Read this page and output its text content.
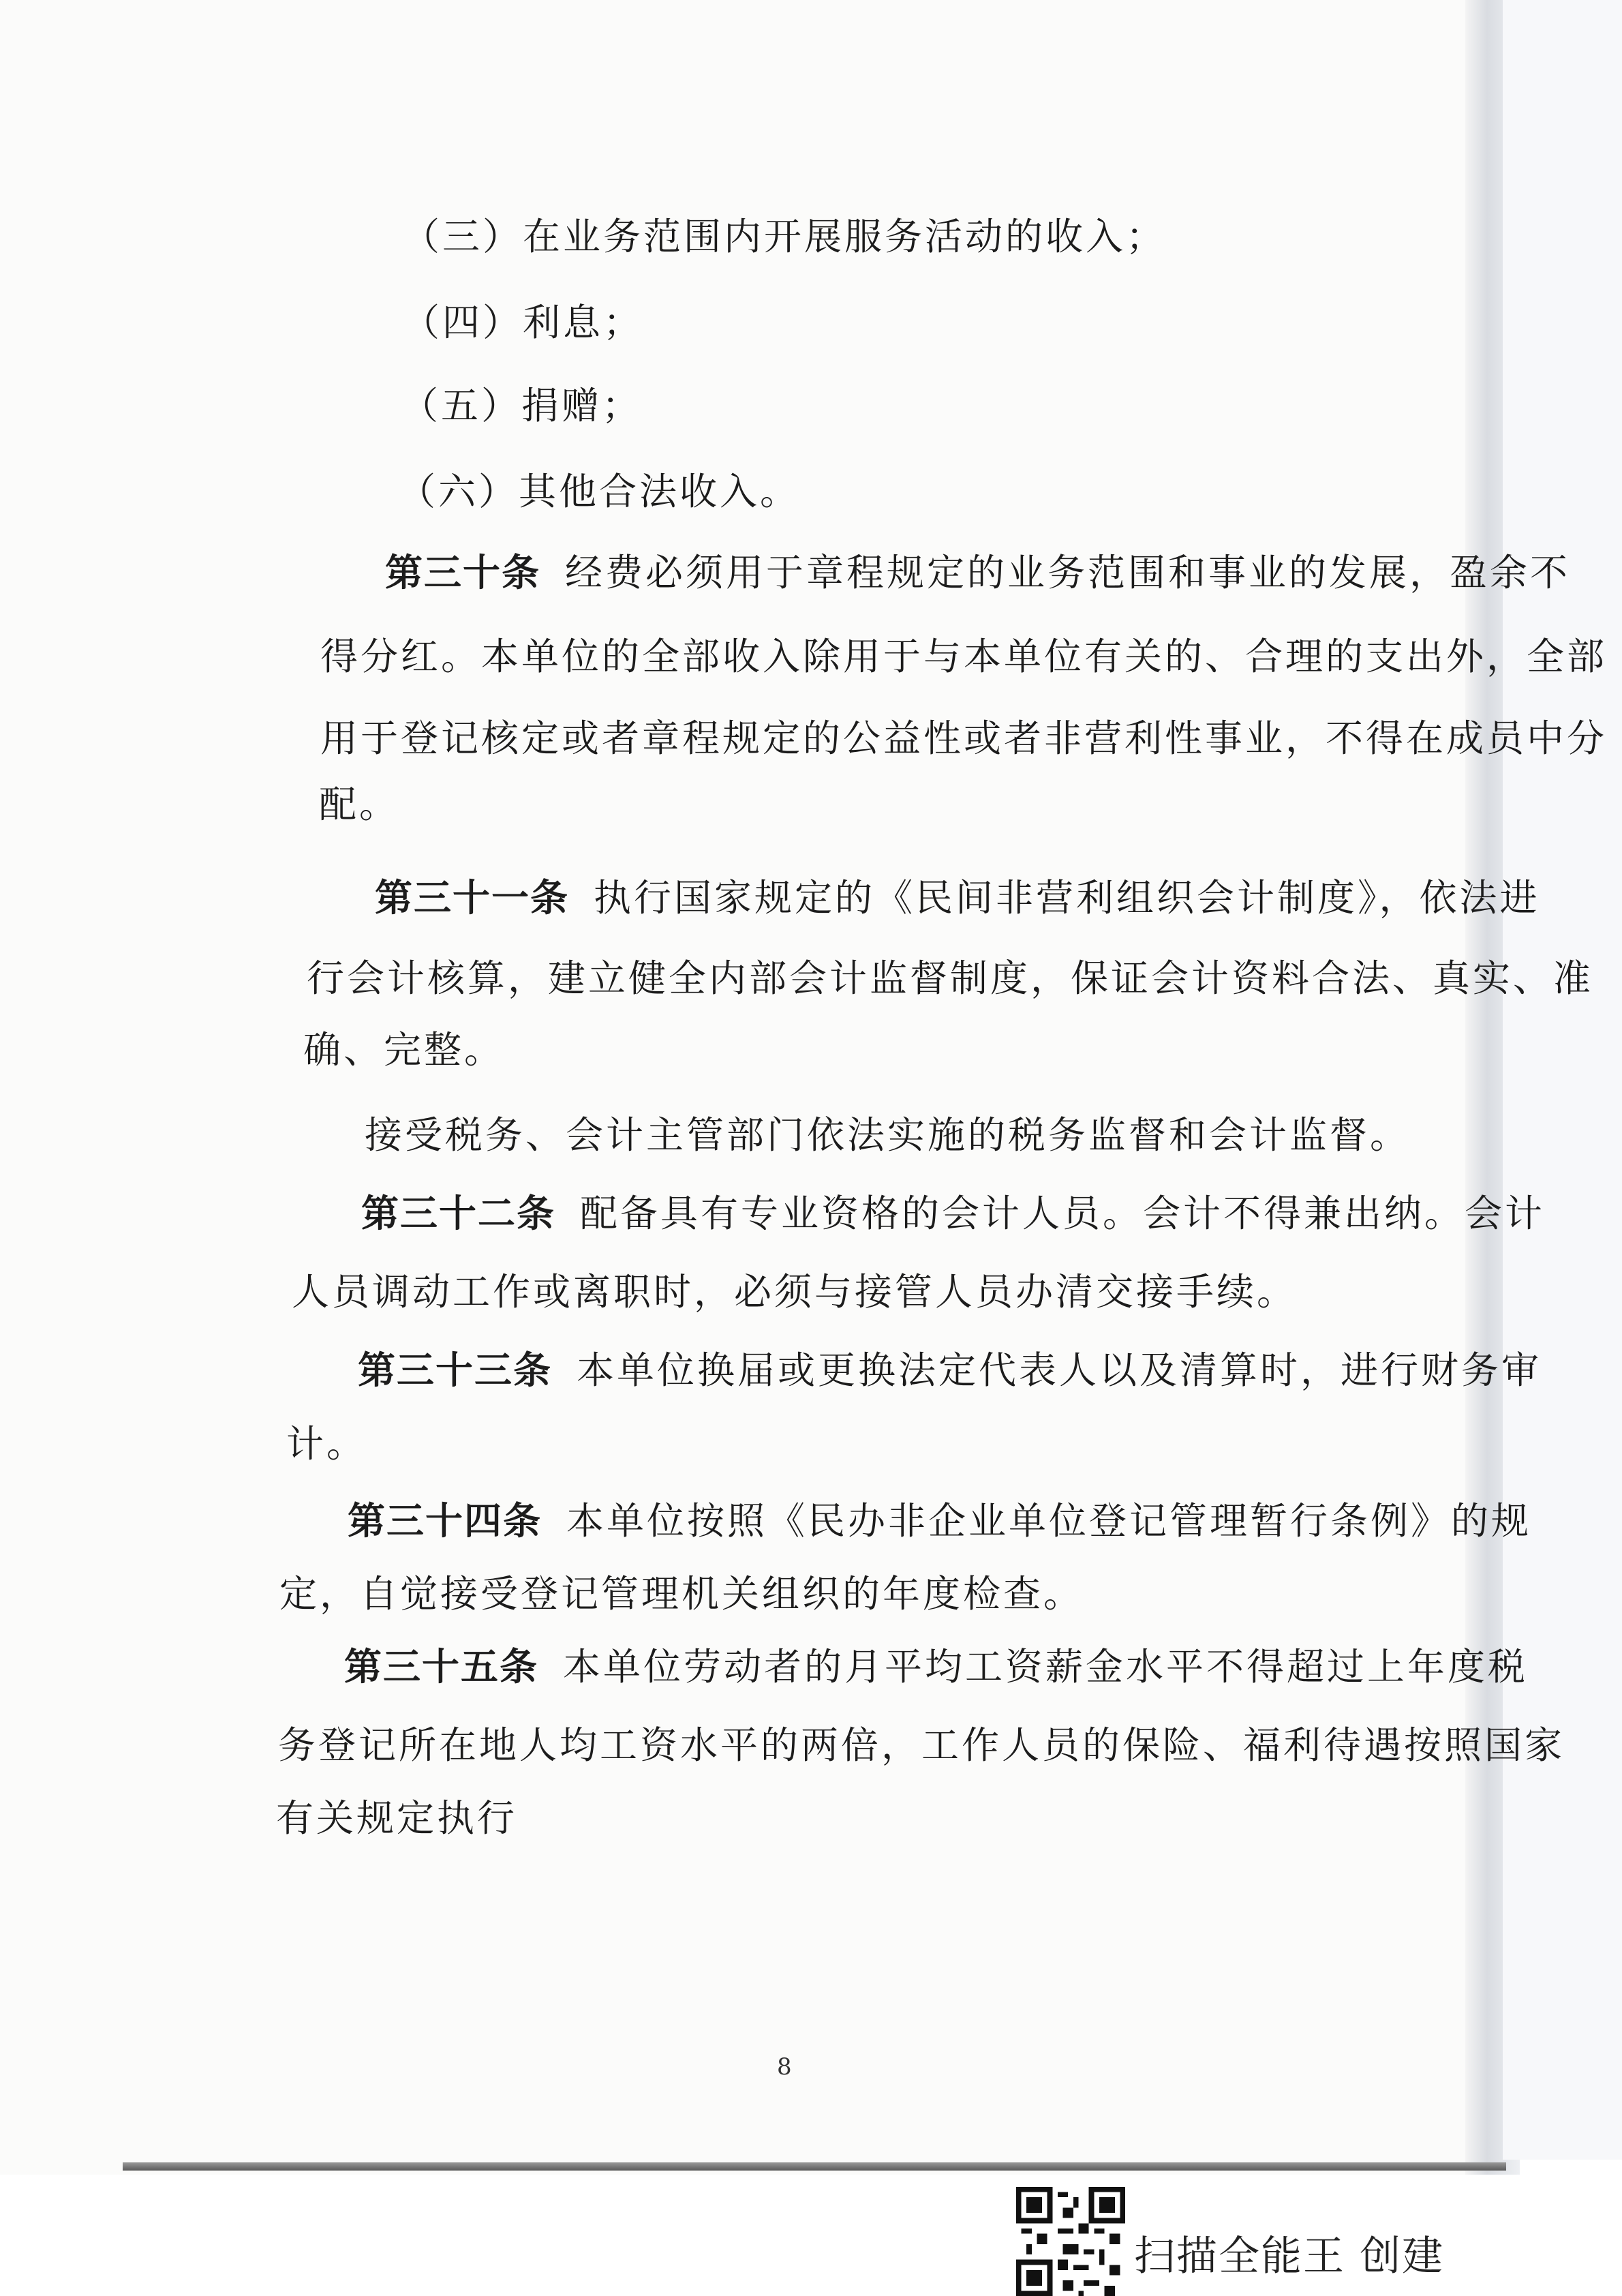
（三）在业务范围内开展服务活动的收入；
（四）利息；
（五）捐赠；
（六）其他合法收入。
第三十条 经费必须用于章程规定的业务范围和事业的发展，盈余不
得分红。本单位的全部收入除用于与本单位有关的、合理的支出外，全部
用于登记核定或者章程规定的公益性或者非营利性事业，不得在成员中分
配。
第三十一条 执行国家规定的《民间非营利组织会计制度》，依法进
行会计核算，建立健全内部会计监督制度，保证会计资料合法、真实、准
确、完整。
接受税务、会计主管部门依法实施的税务监督和会计监督。
第三十二条 配备具有专业资格的会计人员。会计不得兼出纳。会计
人员调动工作或离职时，必须与接管人员办清交接手续。
第三十三条 本单位换届或更换法定代表人以及清算时，进行财务审
计。
第三十四条 本单位按照《民办非企业单位登记管理暂行条例》的规
定，自觉接受登记管理机关组织的年度检查。
第三十五条 本单位劳动者的月平均工资薪金水平不得超过上年度税
务登记所在地人均工资水平的两倍，工作人员的保险、福利待遇按照国家
有关规定执行
8
扫描全能王 创建
